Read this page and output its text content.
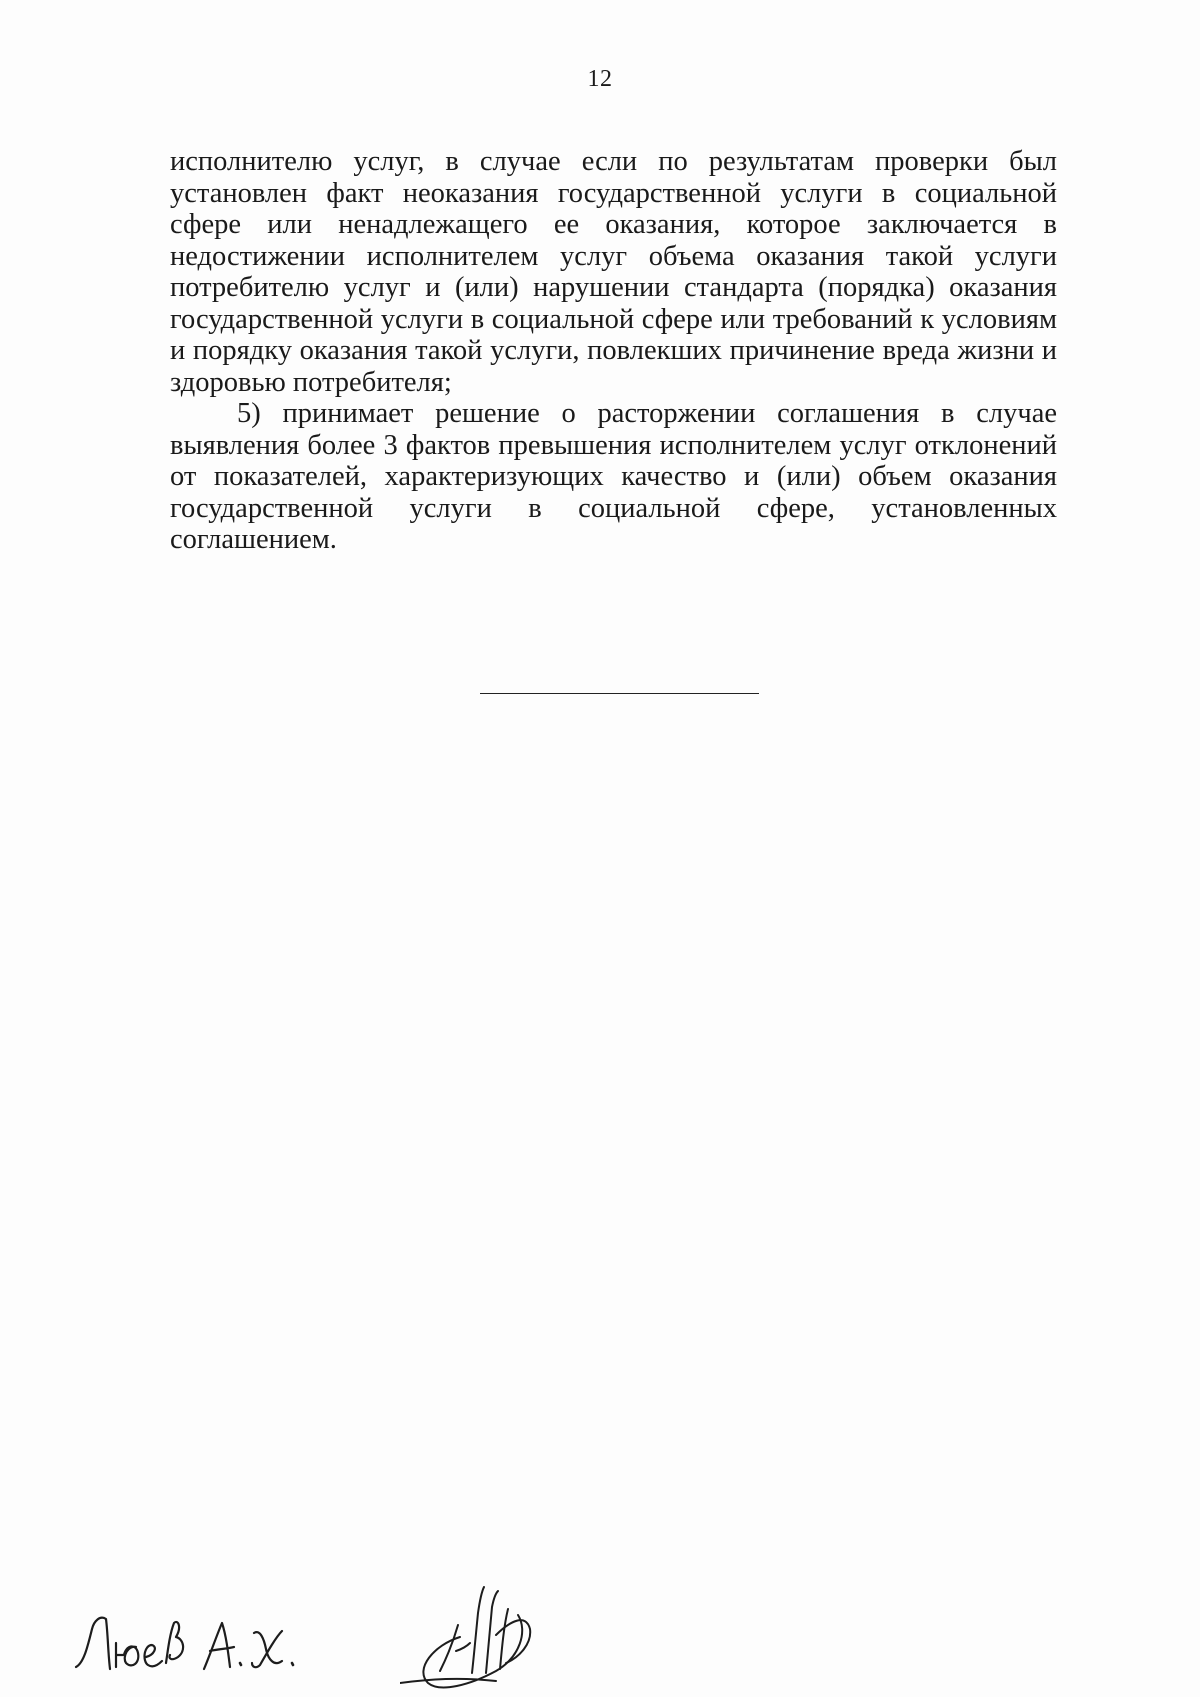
12

исполнителю услуг, в случае если по результатам проверки был установлен факт неоказания государственной услуги в социальной сфере или ненадлежащего ее оказания, которое заключается в недостижении исполнителем услуг объема оказания такой услуги потребителю услуг и (или) нарушении стандарта (порядка) оказания государственной услуги в социальной сфере или требований к условиям и порядку оказания такой услуги, повлекших причинение вреда жизни и здоровью потребителя;

5) принимает решение о расторжении соглашения в случае выявления более 3 фактов превышения исполнителем услуг отклонений от показателей, характеризующих качество и (или) объем оказания государственной услуги в социальной сфере, установленных соглашением.
